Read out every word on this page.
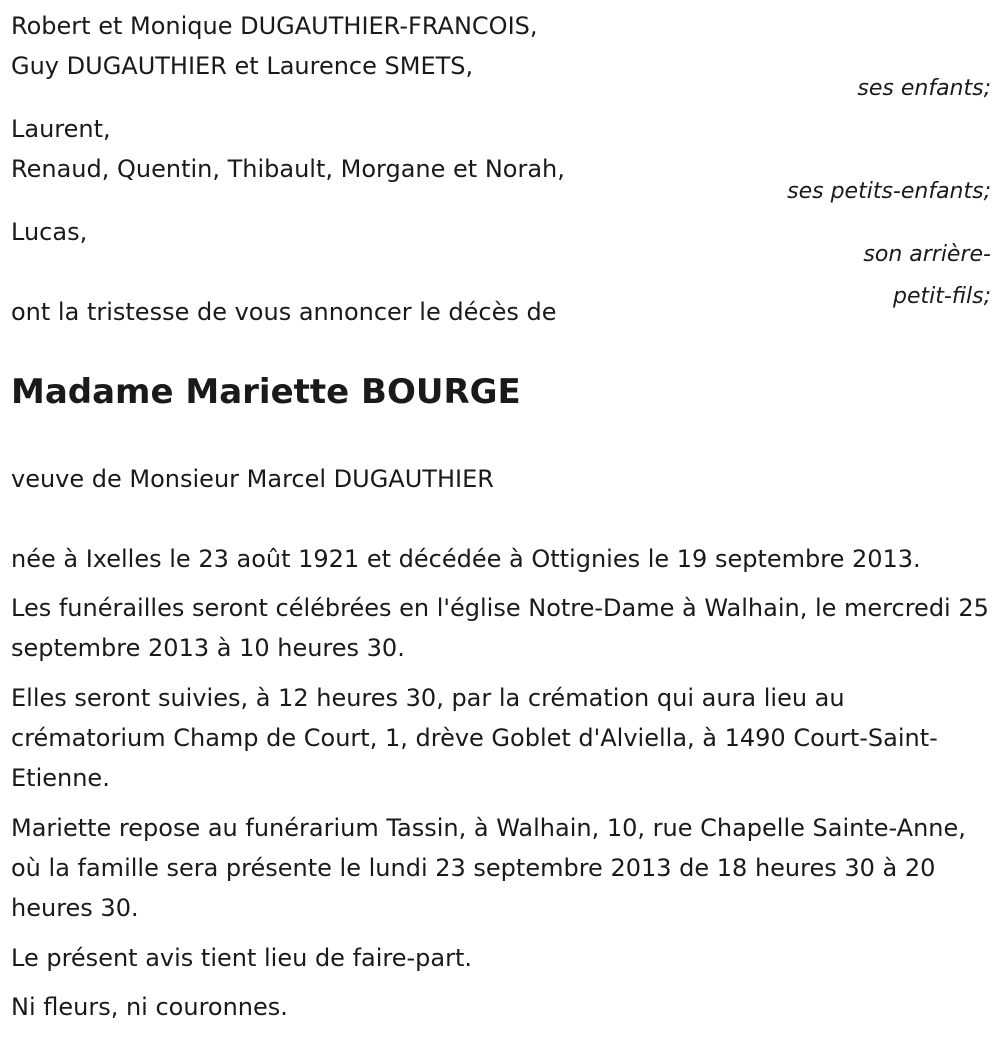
Robert et Monique DUGAUTHIER-FRANCOIS,
Guy DUGAUTHIER et Laurence SMETS,
ses enfants;
Laurent,
Renaud, Quentin, Thibault, Morgane et Norah,
ses petits-enfants;
Lucas,
son arrière-
petit-fils;
ont la tristesse de vous annoncer le décès de
Madame Mariette BOURGE
veuve de Monsieur Marcel DUGAUTHIER
née à Ixelles le 23 août 1921 et décédée à Ottignies le 19 septembre 2013.
Les funérailles seront célébrées en l'église Notre-Dame à Walhain, le mercredi 25 septembre 2013 à 10 heures 30.
Elles seront suivies, à 12 heures 30, par la crémation qui aura lieu au crématorium Champ de Court, 1, drève Goblet d'Alviella, à 1490 Court-Saint-Etienne.
Mariette repose au funérarium Tassin, à Walhain, 10, rue Chapelle Sainte-Anne, où la famille sera présente le lundi 23 septembre 2013 de 18 heures 30 à 20 heures 30.
Le présent avis tient lieu de faire-part.
Ni fleurs, ni couronnes.
